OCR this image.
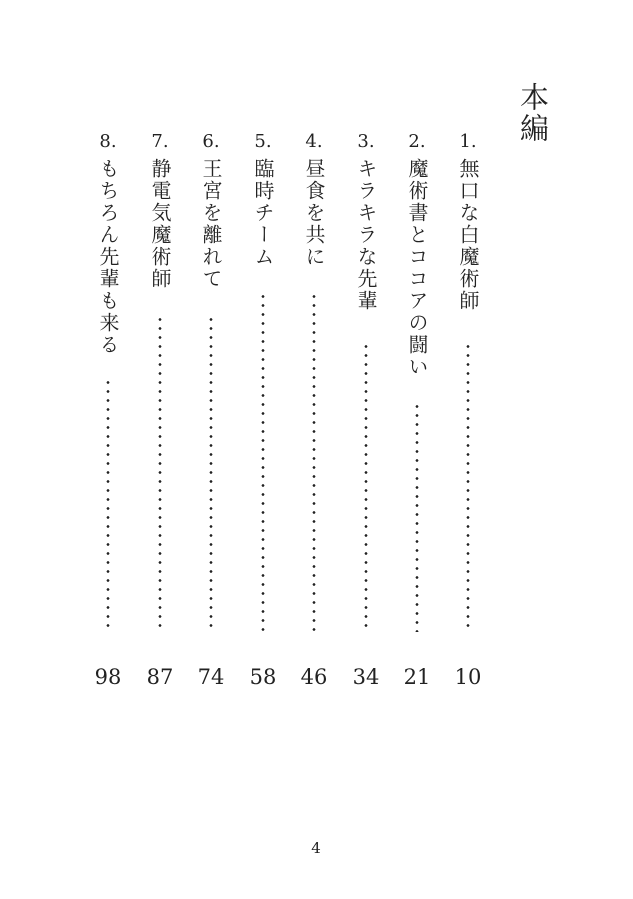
本編
1.
無口な白魔術師
10
2.
魔術書とココアの闘い
21
3.
キラキラな先輩
34
4.
昼食を共に
46
5.
臨時チーム
58
6.
王宮を離れて
74
7.
静電気魔術師
87
8.
もちろん先輩も来る
98
4
